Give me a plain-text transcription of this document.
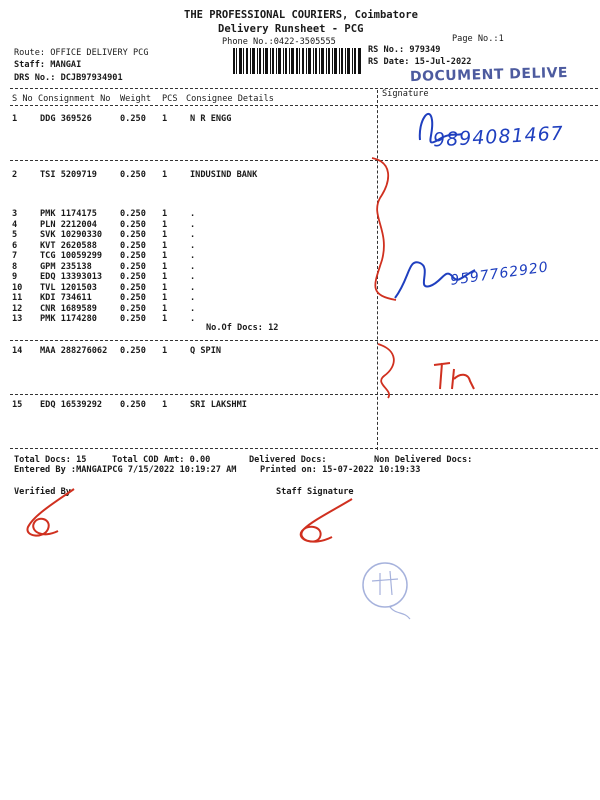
THE PROFESSIONAL COURIERS, Coimbatore
Delivery Runsheet - PCG
Phone No.:0422-3505555	Page No.:1
Route: OFFICE DELIVERY PCG
Staff: MANGAI
DRS No.: DCJB97934901
RS No.: 979349
RS Date: 15-Jul-2022
DOCUMENT DELIVE
S No Consignment No Weight PCS Consignee Details	Signature
1	DDG 369526	0.250 1	N R ENGG
2	TSI 5209719	0.250 1	INDUSIND BANK
3	PMK 1174175	0.250 1	.
4	PLN 2212004	0.250 1	.
5	SVK 10290330 0.250 1	.
6	KVT 2620588	0.250 1	.
7	TCG 10059299 0.250 1	.
8	GPM 235138	0.250 1	.
9	EDQ 13393013 0.250 1	.
10 TVL 1201503	0.250 1	.
11 KDI 734611	0.250 1	.
12 CNR 1689589	0.250 1	.
13 PMK 1174280	0.250 1	.
No.Of Docs: 12
14 MAA 288276062 0.250 1	Q SPIN
15 EDQ 16539292 0.250 1	SRI LAKSHMI
9894081467
9597762920
Total Docs: 15	Total COD Amt: 0.00	Delivered Docs:	Non Delivered Docs:
Entered By :MANGAIPCG 7/15/2022 10:19:27 AM	Printed on: 15-07-2022 10:19:33
Verified By	Staff Signature
